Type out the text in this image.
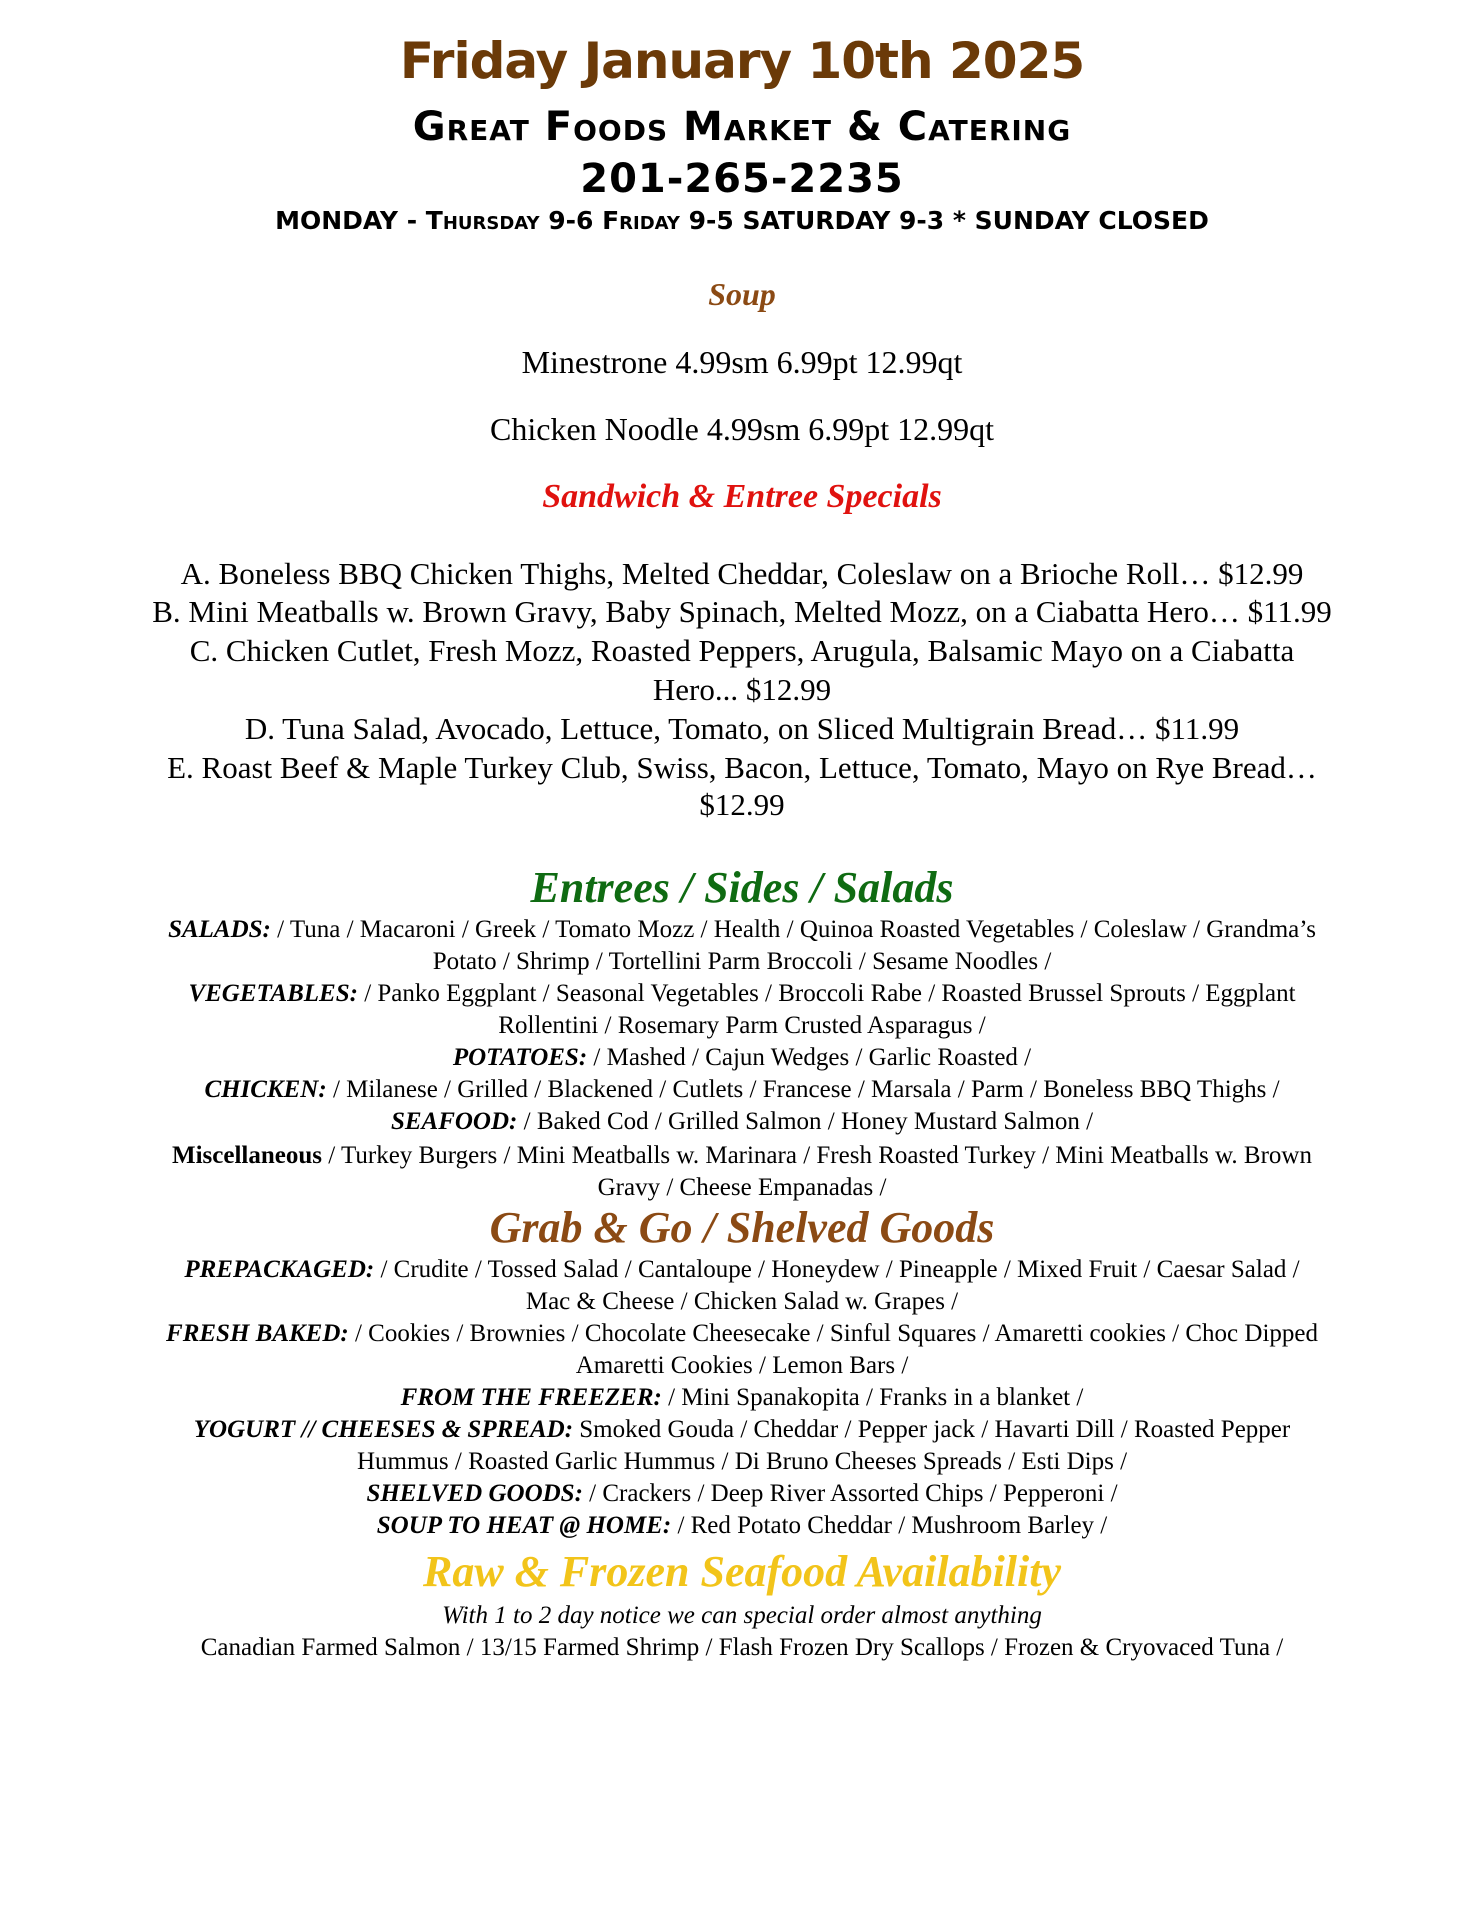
Friday January 10th 2025
Great Foods Market & Catering
201-265-2235
MONDAY - Thursday 9-6 Friday 9-5 SATURDAY 9-3 * SUNDAY CLOSED
Soup
Minestrone 4.99sm 6.99pt 12.99qt
Chicken Noodle 4.99sm 6.99pt 12.99qt
Sandwich & Entree Specials
A. Boneless BBQ Chicken Thighs, Melted Cheddar, Coleslaw on a Brioche Roll… $12.99
B. Mini Meatballs w. Brown Gravy, Baby Spinach, Melted Mozz, on a Ciabatta Hero… $11.99
C. Chicken Cutlet, Fresh Mozz, Roasted Peppers, Arugula, Balsamic Mayo on a Ciabatta
Hero... $12.99
D. Tuna Salad, Avocado, Lettuce, Tomato, on Sliced Multigrain Bread… $11.99
E. Roast Beef & Maple Turkey Club, Swiss, Bacon, Lettuce, Tomato, Mayo on Rye Bread…
$12.99
Entrees / Sides / Salads
SALADS: / Tuna / Macaroni / Greek / Tomato Mozz / Health / Quinoa Roasted Vegetables / Coleslaw / Grandma’s
Potato / Shrimp / Tortellini Parm Broccoli / Sesame Noodles /
VEGETABLES: / Panko Eggplant / Seasonal Vegetables / Broccoli Rabe / Roasted Brussel Sprouts / Eggplant
Rollentini / Rosemary Parm Crusted Asparagus /
POTATOES: / Mashed / Cajun Wedges / Garlic Roasted /
CHICKEN: / Milanese / Grilled / Blackened / Cutlets / Francese / Marsala / Parm / Boneless BBQ Thighs /
SEAFOOD: / Baked Cod / Grilled Salmon / Honey Mustard Salmon /
Miscellaneous / Turkey Burgers / Mini Meatballs w. Marinara / Fresh Roasted Turkey / Mini Meatballs w. Brown
Gravy / Cheese Empanadas /
Grab & Go / Shelved Goods
PREPACKAGED: / Crudite / Tossed Salad / Cantaloupe / Honeydew / Pineapple / Mixed Fruit / Caesar Salad /
Mac & Cheese / Chicken Salad w. Grapes /
FRESH BAKED: / Cookies / Brownies / Chocolate Cheesecake / Sinful Squares / Amaretti cookies / Choc Dipped
Amaretti Cookies / Lemon Bars /
FROM THE FREEZER: / Mini Spanakopita / Franks in a blanket /
YOGURT // CHEESES & SPREAD: Smoked Gouda / Cheddar / Pepper jack / Havarti Dill / Roasted Pepper
Hummus / Roasted Garlic Hummus / Di Bruno Cheeses Spreads / Esti Dips /
SHELVED GOODS: / Crackers / Deep River Assorted Chips / Pepperoni /
SOUP TO HEAT @ HOME: / Red Potato Cheddar / Mushroom Barley /
Raw & Frozen Seafood Availability
With 1 to 2 day notice we can special order almost anything
Canadian Farmed Salmon / 13/15 Farmed Shrimp / Flash Frozen Dry Scallops / Frozen & Cryovaced Tuna /
